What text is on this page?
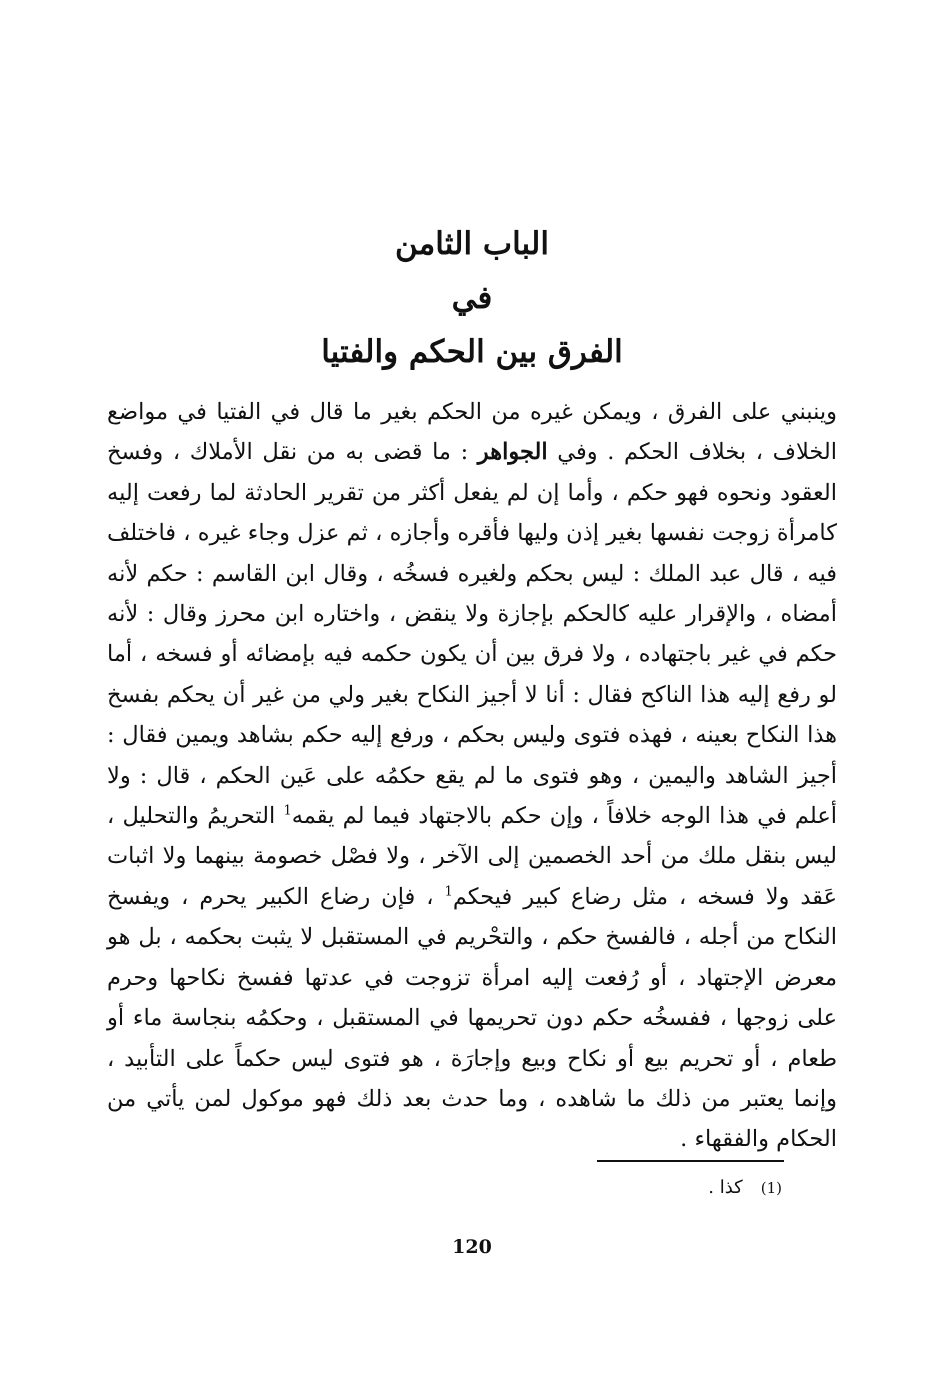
الباب الثامن
في
الفرق بين الحكم والفتيا

وينبني على الفرق ، ويمكن غيره من الحكم بغير ما قال في الفتيا في مواضع الخلاف ، بخلاف الحكم . وفي الجواهر : ما قضى به من نقل الأملاك ، وفسخ العقود ونحوه فهو حكم ، وأما إن لم يفعل أكثر من تقرير الحادثة لما رفعت إليه كامرأة زوجت نفسها بغير إذن وليها فأقره وأجازه ، ثم عزل وجاء غيره ، فاختلف فيه ، قال عبد الملك : ليس بحكم ولغيره فسخُه ، وقال ابن القاسم : حكم لأنه أمضاه ، والإقرار عليه كالحكم بإجازة ولا ينقض ، واختاره ابن محرز وقال : لأنه حكم في غير باجتهاده ، ولا فرق بين أن يكون حكمه فيه بإمضائه أو فسخه ، أما لو رفع إليه هذا الناكح فقال : أنا لا أجيز النكاح بغير ولي من غير أن يحكم بفسخ هذا النكاح بعينه ، فهذه فتوى وليس بحكم ، ورفع إليه حكم بشاهد ويمين فقال : أجيز الشاهد واليمين ، وهو فتوى ما لم يقع حكمُه على عَين الحكم ، قال : ولا أعلم في هذا الوجه خلافاً ، وإن حكم بالاجتهاد فيما لم يقمه$^1$ التحريمُ والتحليل ، ليس بنقل ملك من أحد الخصمين إلى الآخر ، ولا فصْل خصومة بينهما ولا اثبات عَقد ولا فسخه ، مثل رضاع كبير فيحكم$^1$ ، فإن رضاع الكبير يحرم ، ويفسخ النكاح من أجله ، فالفسخ حكم ، والتحْريم في المستقبل لا يثبت بحكمه ، بل هو معرض الإجتهاد ، أو رُفعت إليه امرأة تزوجت في عدتها ففسخ نكاحها وحرم على زوجها ، ففسخُه حكم دون تحريمها في المستقبل ، وحكمُه بنجاسة ماء أو طعام ، أو تحريم بيع أو نكاح وبيع وإجارَة ، هو فتوى ليس حكماً على التأبيد ، وإنما يعتبر من ذلك ما شاهده ، وما حدث بعد ذلك فهو موكول لمن يأتي من الحكام والفقهاء .

(1)كذا .

120
